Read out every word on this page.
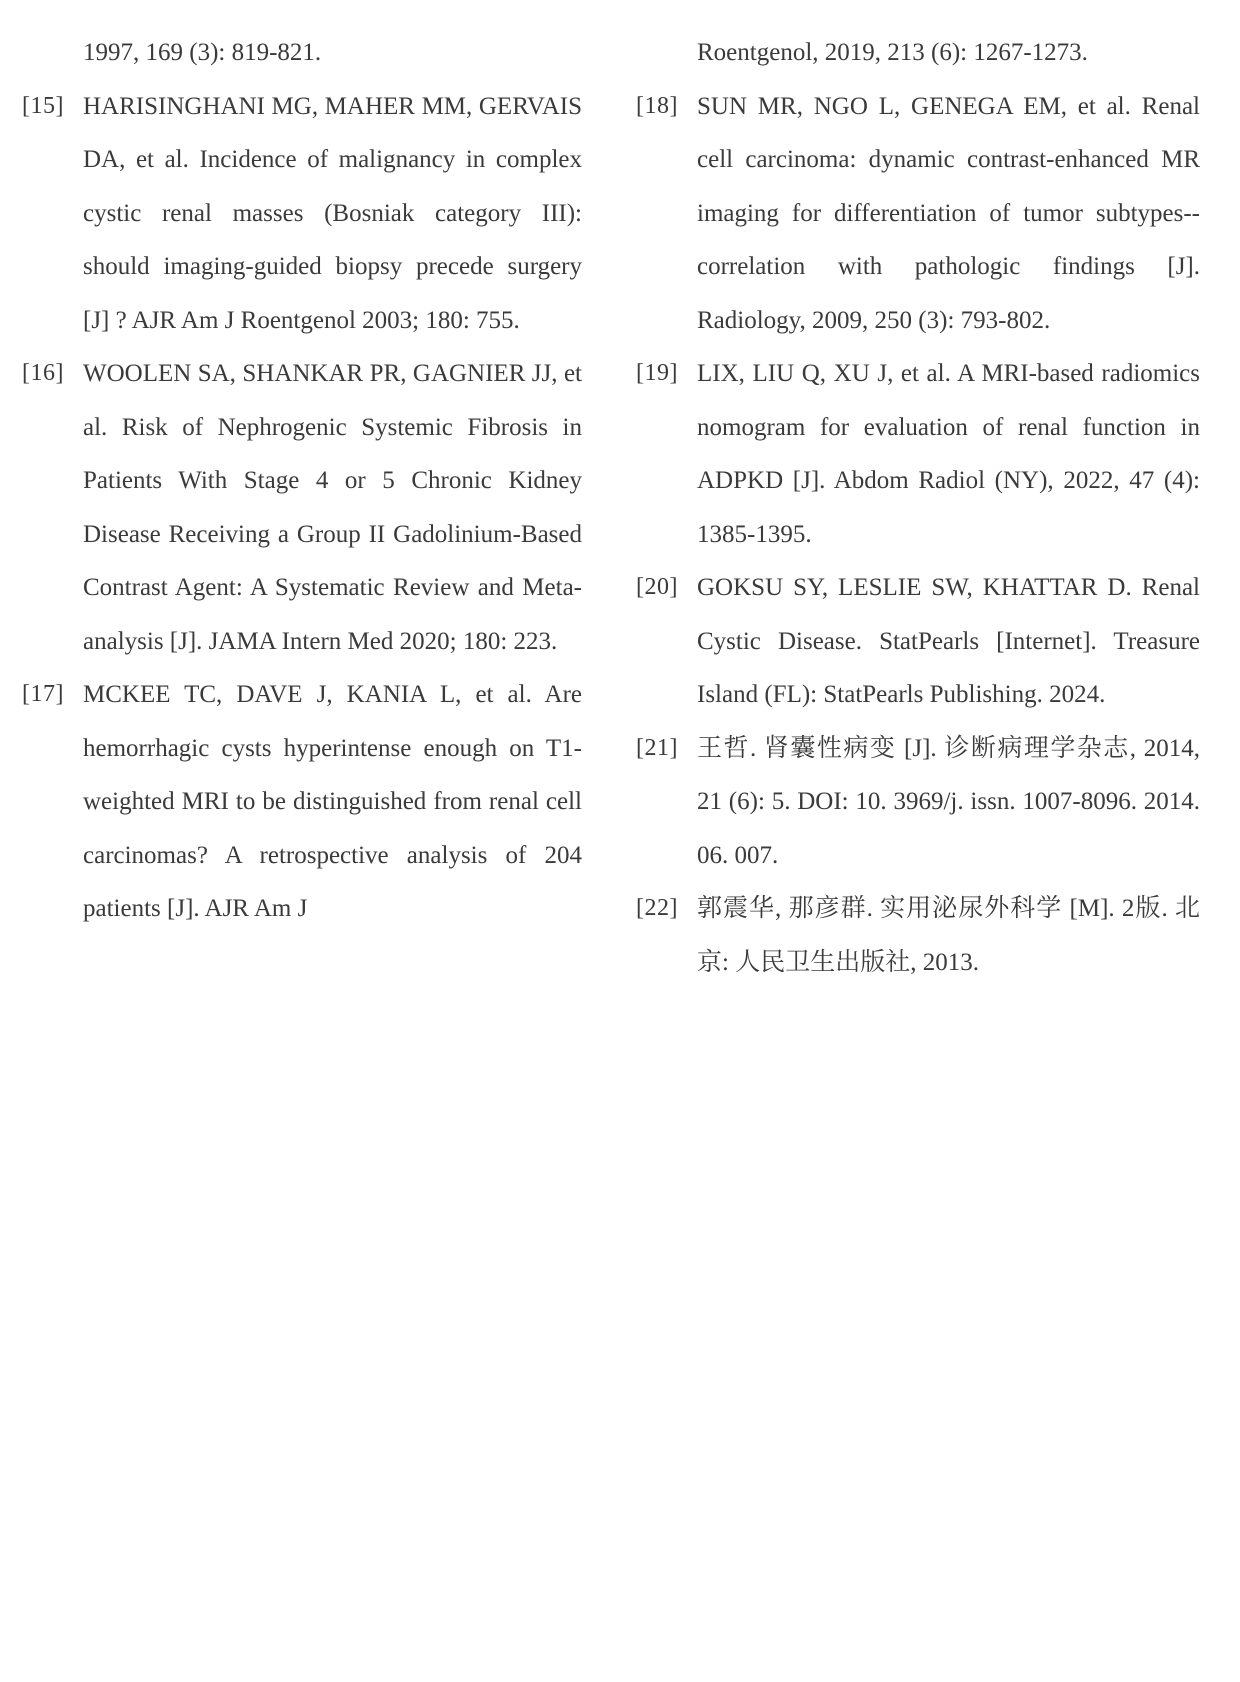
1997, 169 (3): 819-821.
[15] HARISINGHANI MG, MAHER MM, GERVAIS DA, et al. Incidence of malignancy in complex cystic renal masses (Bosniak category III): should imaging-guided biopsy precede surgery [J] ? AJR Am J Roentgenol 2003; 180: 755.
[16] WOOLEN SA, SHANKAR PR, GAGNIER JJ, et al. Risk of Nephrogenic Systemic Fibrosis in Patients With Stage 4 or 5 Chronic Kidney Disease Receiving a Group II Gadolinium-Based Contrast Agent: A Systematic Review and Meta-analysis [J]. JAMA Intern Med 2020; 180: 223.
[17] MCKEE TC, DAVE J, KANIA L, et al. Are hemorrhagic cysts hyperintense enough on T1-weighted MRI to be distinguished from renal cell carcinomas? A retrospective analysis of 204 patients [J]. AJR Am J
Roentgenol, 2019, 213 (6): 1267-1273.
[18] SUN MR, NGO L, GENEGA EM, et al. Renal cell carcinoma: dynamic contrast-enhanced MR imaging for differentiation of tumor subtypes--correlation with pathologic findings [J]. Radiology, 2009, 250 (3): 793-802.
[19] LIX, LIU Q, XU J, et al. A MRI-based radiomics nomogram for evaluation of renal function in ADPKD [J]. Abdom Radiol (NY), 2022, 47 (4): 1385-1395.
[20] GOKSU SY, LESLIE SW, KHATTAR D. Renal Cystic Disease. StatPearls [Internet]. Treasure Island (FL): StatPearls Publishing. 2024.
[21] 王哲. 肾囊性病变 [J]. 诊断病理学杂志, 2014, 21 (6): 5. DOI: 10. 3969/j. issn. 1007-8096. 2014. 06. 007.
[22] 郭震华, 那彦群. 实用泌尿外科学 [M]. 2版. 北京: 人民卫生出版社, 2013.
